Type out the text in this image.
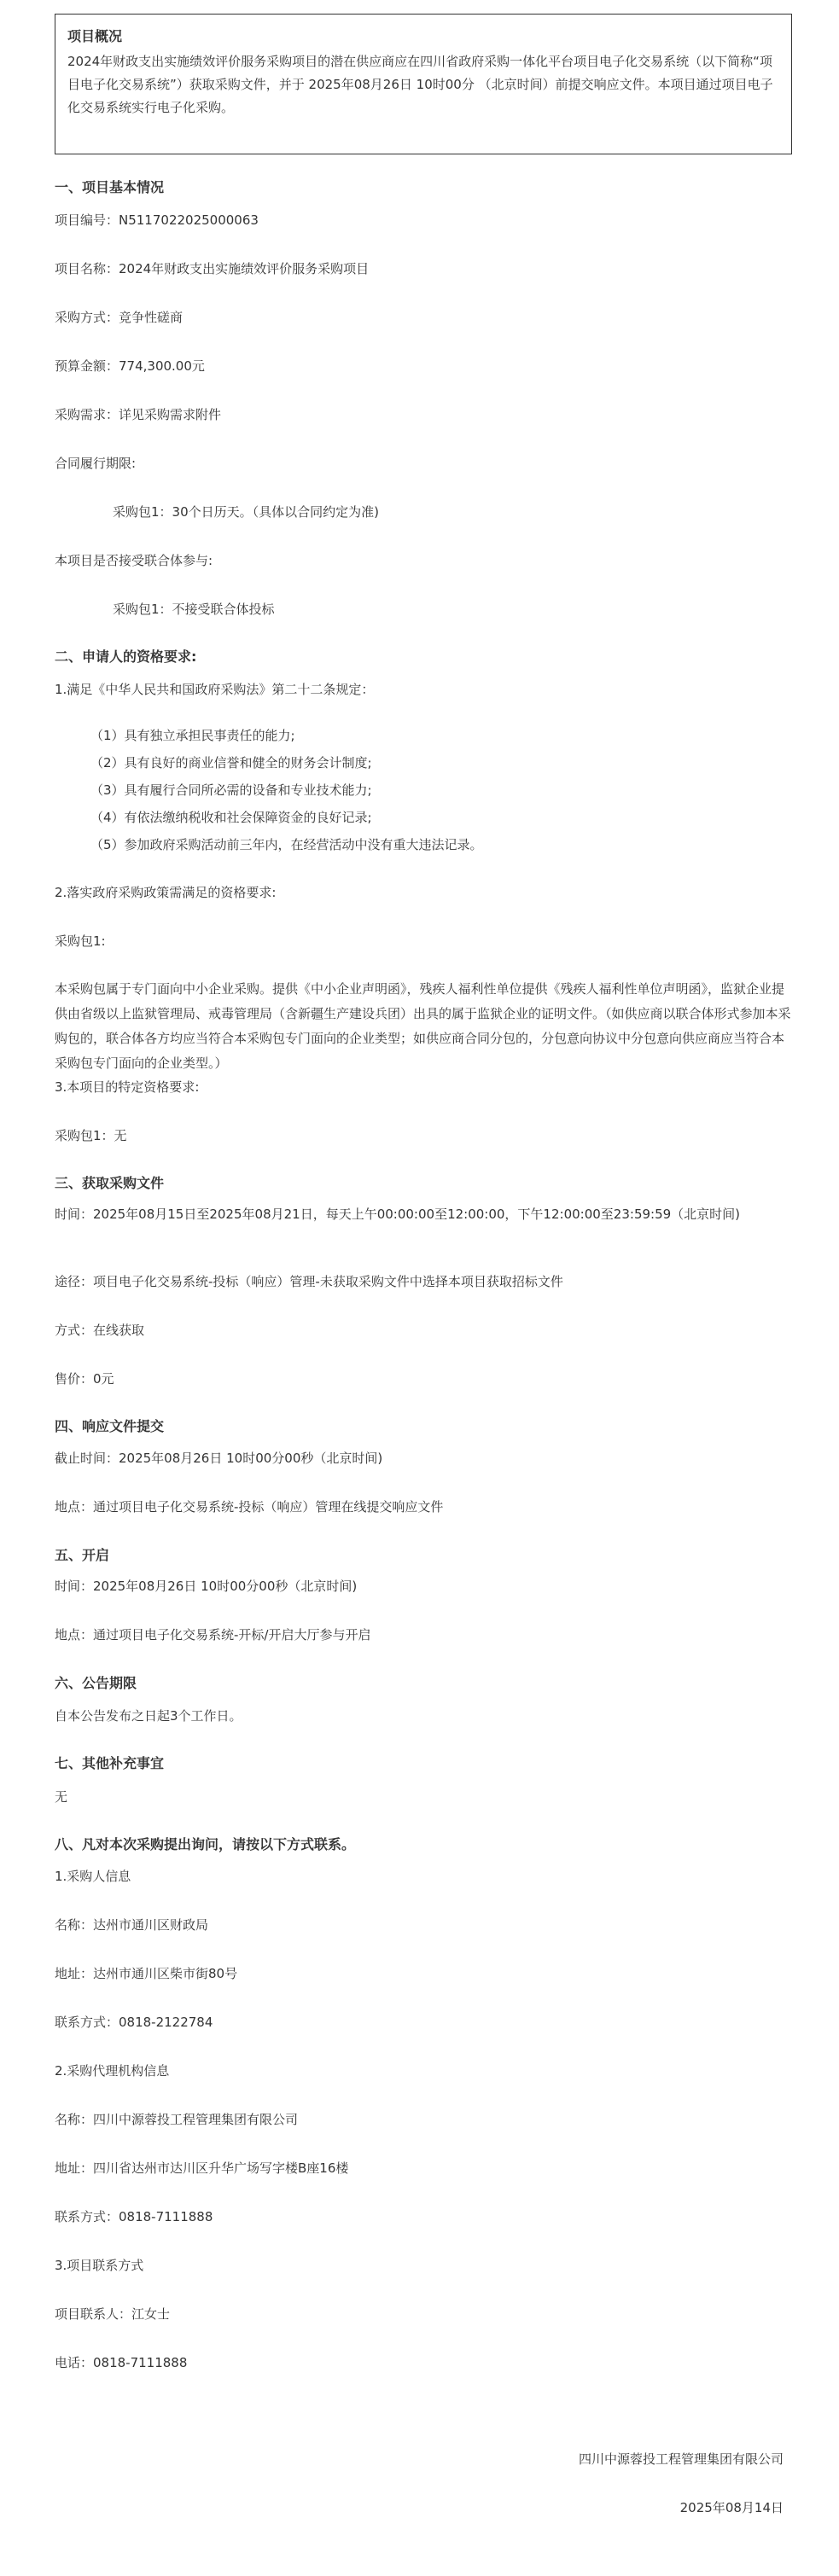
项目概况
2024年财政支出实施绩效评价服务采购项目的潜在供应商应在四川省政府采购一体化平台项目电子化交易系统（以下简称“项目电子化交易系统”）获取采购文件，并于 2025年08月26日 10时00分 （北京时间）前提交响应文件。本项目通过项目电子化交易系统实行电子化采购。
一、项目基本情况
项目编号：N5117022025000063
项目名称：2024年财政支出实施绩效评价服务采购项目
采购方式：竞争性磋商
预算金额：774,300.00元
采购需求：详见采购需求附件
合同履行期限:
采购包1：30个日历天。（具体以合同约定为准)
本项目是否接受联合体参与:
采购包1：不接受联合体投标
二、申请人的资格要求:
1.满足《中华人民共和国政府采购法》第二十二条规定：
（1）具有独立承担民事责任的能力;
（2）具有良好的商业信誉和健全的财务会计制度;
（3）具有履行合同所必需的设备和专业技术能力;
（4）有依法缴纳税收和社会保障资金的良好记录;
（5）参加政府采购活动前三年内，在经营活动中没有重大违法记录。
2.落实政府采购政策需满足的资格要求:
采购包1:
本采购包属于专门面向中小企业采购。提供《中小企业声明函》，残疾人福利性单位提供《残疾人福利性单位声明函》，监狱企业提供由省级以上监狱管理局、戒毒管理局（含新疆生产建设兵团）出具的属于监狱企业的证明文件。（如供应商以联合体形式参加本采购包的，联合体各方均应当符合本采购包专门面向的企业类型；如供应商合同分包的，分包意向协议中分包意向供应商应当符合本采购包专门面向的企业类型。）
3.本项目的特定资格要求:
采购包1：无
三、获取采购文件
时间：2025年08月15日至2025年08月21日，每天上午00:00:00至12:00:00，下午12:00:00至23:59:59（北京时间)
途径：项目电子化交易系统-投标（响应）管理-未获取采购文件中选择本项目获取招标文件
方式：在线获取
售价：0元
四、响应文件提交
截止时间：2025年08月26日 10时00分00秒（北京时间)
地点：通过项目电子化交易系统-投标（响应）管理在线提交响应文件
五、开启
时间：2025年08月26日 10时00分00秒（北京时间)
地点：通过项目电子化交易系统-开标/开启大厅参与开启
六、公告期限
自本公告发布之日起3个工作日。
七、其他补充事宜
无
八、凡对本次采购提出询问，请按以下方式联系。
1.采购人信息
名称：达州市通川区财政局
地址：达州市通川区柴市街80号
联系方式：0818-2122784
2.采购代理机构信息
名称：四川中源蓉投工程管理集团有限公司
地址：四川省达州市达川区升华广场写字楼B座16楼
联系方式：0818-7111888
3.项目联系方式
项目联系人：江女士
电话：0818-7111888
四川中源蓉投工程管理集团有限公司
2025年08月14日
